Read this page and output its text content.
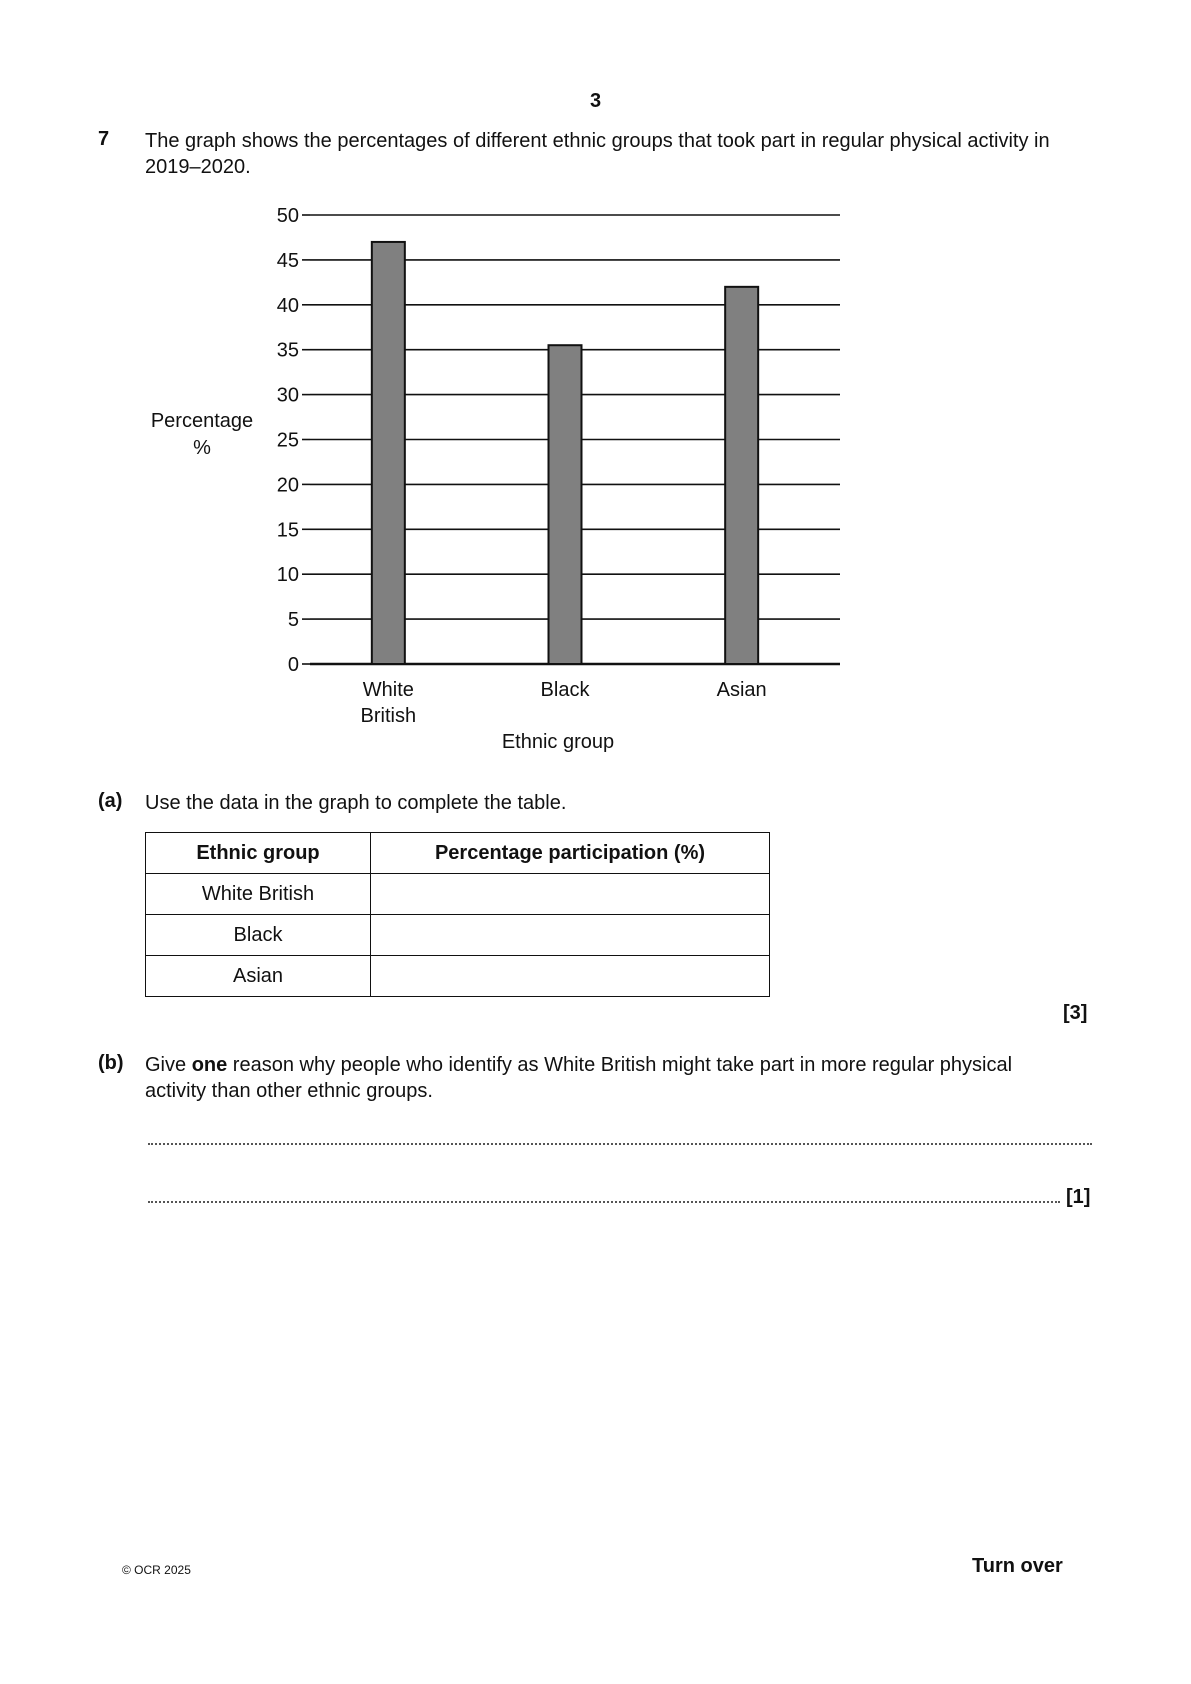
3
7 The graph shows the percentages of different ethnic groups that took part in regular physical activity in 2019–2020.
0
5
10
15
20
25
30
35
40
45
50
White
British
Black	Asian
Ethnic group
Percentage
%
(a) Use the data in the graph to complete the table.
Ethnic group	Percentage participation (%)
White British	
Black	
Asian	
[3]
(b) Give one reason why people who identify as White British might take part in more regular physical activity than other ethnic groups.
[1]
© OCR 2025	Turn over
